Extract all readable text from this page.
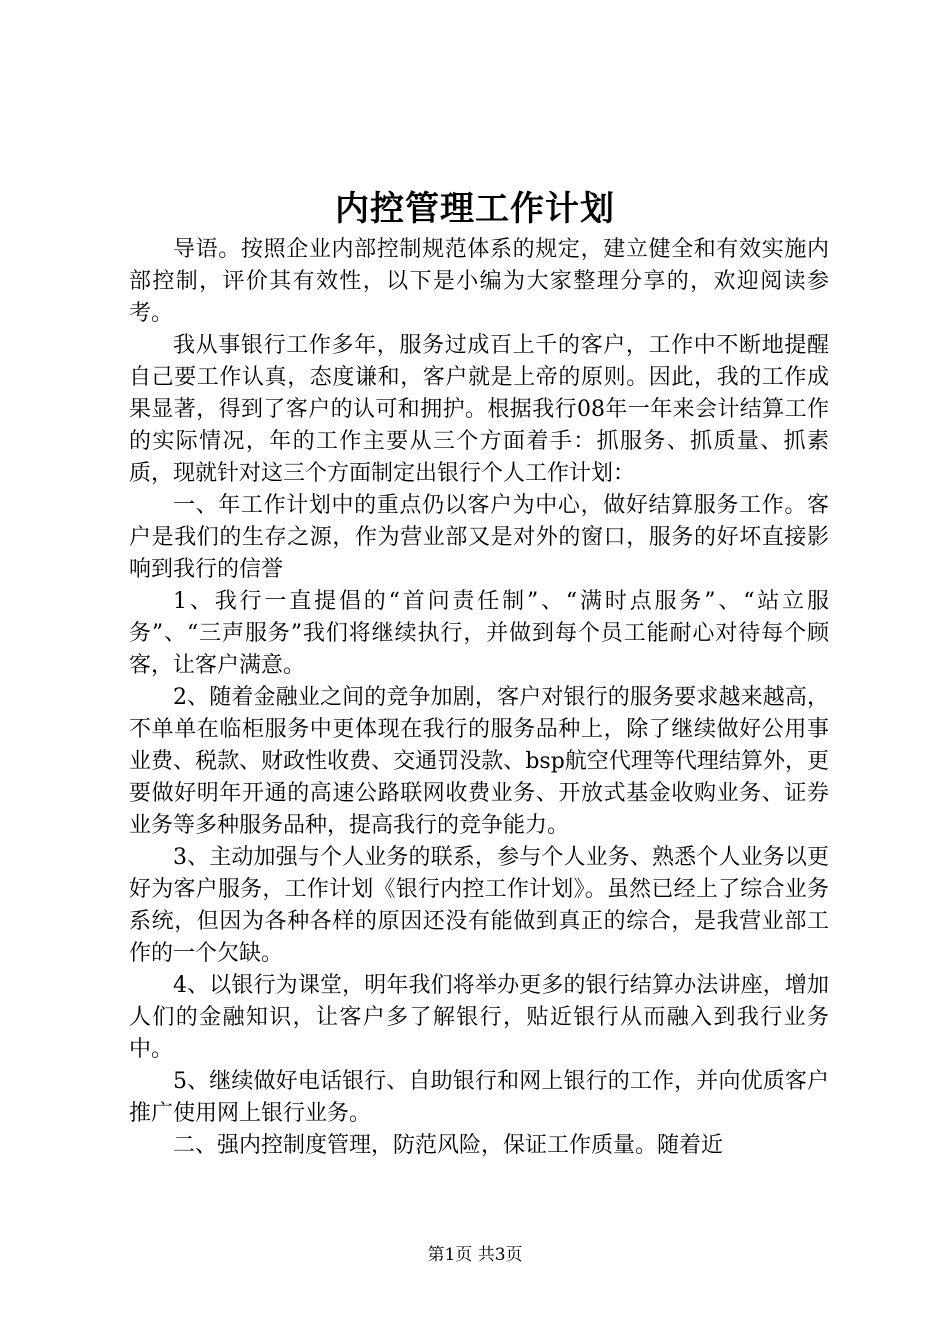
内控管理工作计划

导语。按照企业内部控制规范体系的规定，建立健全和有效实施内部控制，评价其有效性，以下是小编为大家整理分享的，欢迎阅读参考。

我从事银行工作多年，服务过成百上千的客户，工作中不断地提醒自己要工作认真，态度谦和，客户就是上帝的原则。因此，我的工作成果显著，得到了客户的认可和拥护。根据我行08年一年来会计结算工作的实际情况，年的工作主要从三个方面着手：抓服务、抓质量、抓素质，现就针对这三个方面制定出银行个人工作计划：

一、年工作计划中的重点仍以客户为中心，做好结算服务工作。客户是我们的生存之源，作为营业部又是对外的窗口，服务的好坏直接影响到我行的信誉

1、我行一直提倡的“首问责任制”、“满时点服务”、“站立服务”、“三声服务”我们将继续执行，并做到每个员工能耐心对待每个顾客，让客户满意。

2、随着金融业之间的竞争加剧，客户对银行的服务要求越来越高，不单单在临柜服务中更体现在我行的服务品种上，除了继续做好公用事业费、税款、财政性收费、交通罚没款、bsp航空代理等代理结算外，更要做好明年开通的高速公路联网收费业务、开放式基金收购业务、证券业务等多种服务品种，提高我行的竞争能力。

3、主动加强与个人业务的联系，参与个人业务、熟悉个人业务以更好为客户服务，工作计划《银行内控工作计划》。虽然已经上了综合业务系统，但因为各种各样的原因还没有能做到真正的综合，是我营业部工作的一个欠缺。

4、以银行为课堂，明年我们将举办更多的银行结算办法讲座，增加人们的金融知识，让客户多了解银行，贴近银行从而融入到我行业务中。

5、继续做好电话银行、自助银行和网上银行的工作，并向优质客户推广使用网上银行业务。

二、强内控制度管理，防范风险，保证工作质量。随着近

第1页 共3页
